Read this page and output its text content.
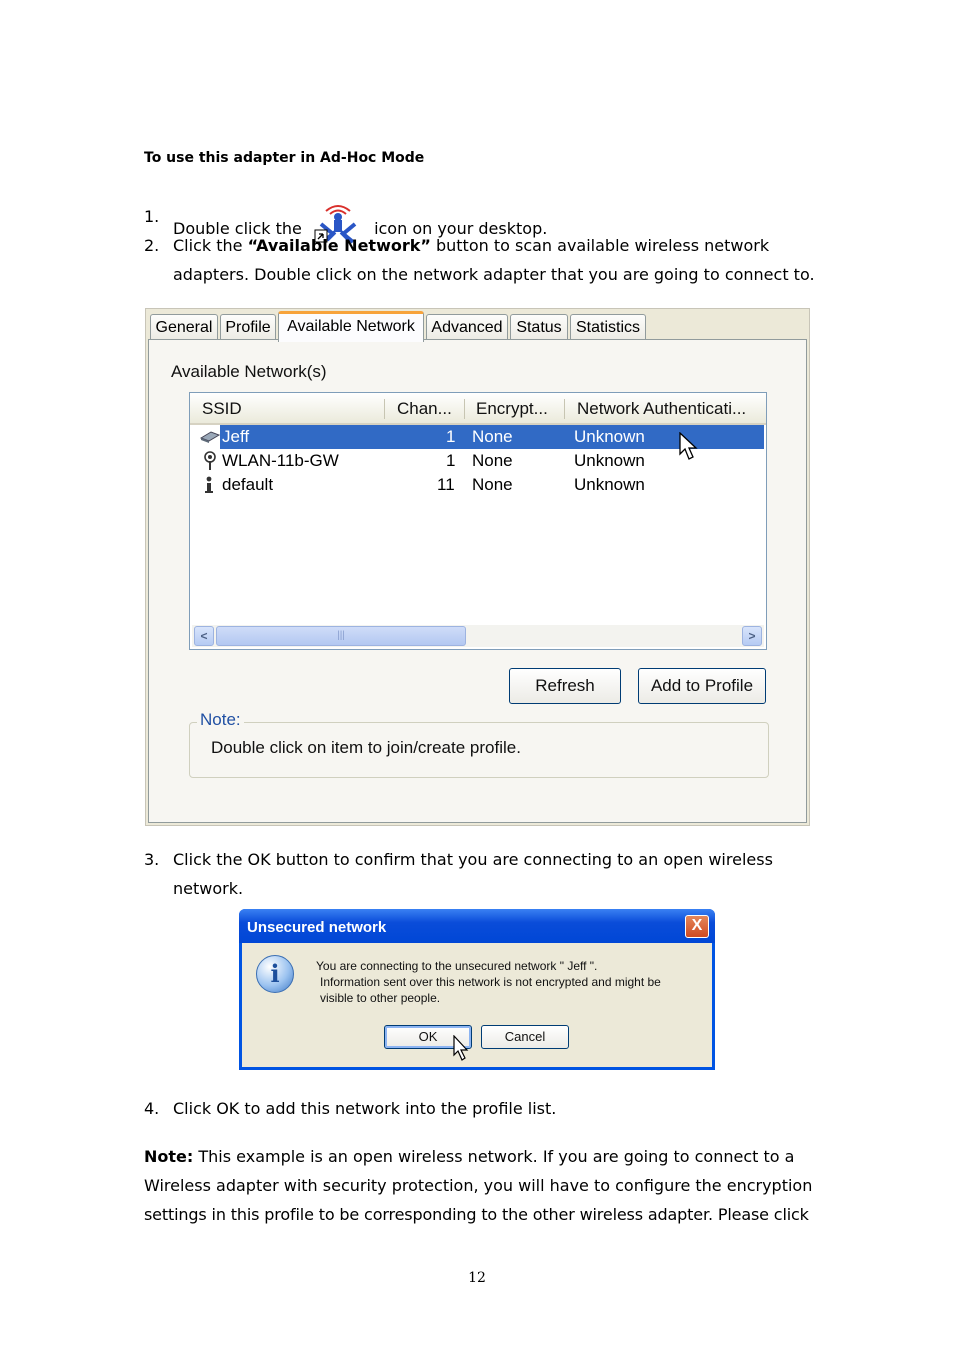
To use this adapter in Ad-Hoc Mode
1.
Double click the	icon on your desktop.
2. Click the “Available Network” button to scan available wireless network
adapters. Double click on the network adapter that you are going to connect to.
General Profile	Available Network	Advanced Status Statistics
Available Network(s)
SSID	Chan... Encrypt... Network Authenticati...
Jeff	1 None	Unknown
WLAN-11b-GW	1 None	Unknown
default	11 None	Unknown
<	|||	>
Refresh	Add to Profile
Note:
Double click on item to join/create profile.
3. Click the OK button to confirm that you are connecting to an open wireless
network.
Unsecured network	X
i	You are connecting to the unsecured network " Jeff ".
Information sent over this network is not encrypted and might be
visible to other people.
OK	Cancel
4. Click OK to add this network into the profile list.
Note: This example is an open wireless network. If you are going to connect to a
Wireless adapter with security protection, you will have to configure the encryption
settings in this profile to be corresponding to the other wireless adapter. Please click
12
